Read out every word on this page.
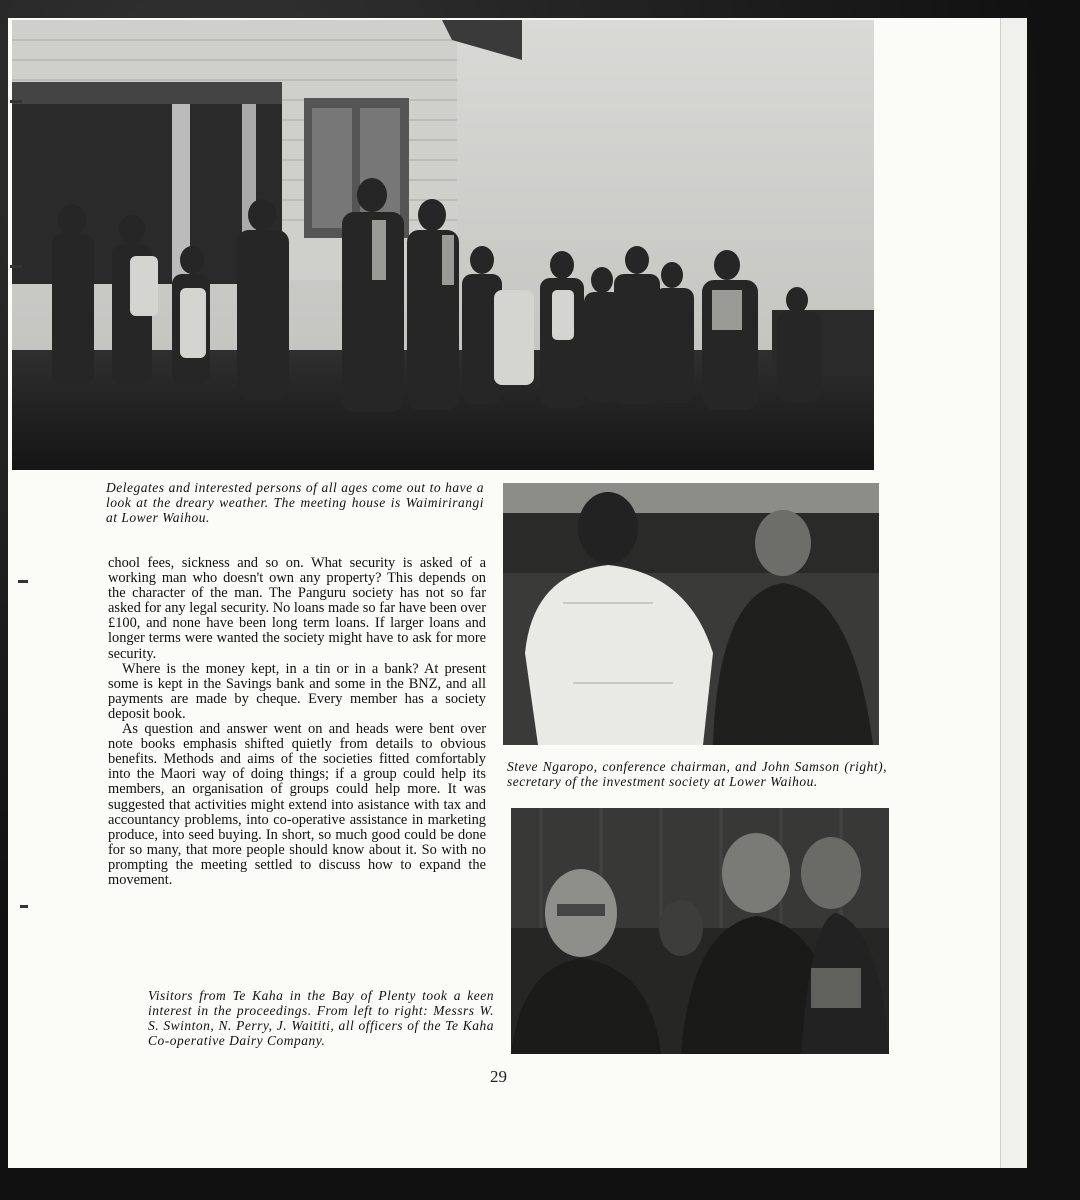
Delegates and interested persons of all ages come out to have a look at the dreary weather. The meeting house is Waimirirangi at Lower Waihou.
Steve Ngaropo, conference chairman, and John Samson (right), secretary of the investment society at Lower Waihou.

chool fees, sickness and so on. What security is asked of a working man who doesn't own any property? This depends on the character of the man. The Panguru society has not so far asked for any legal security. No loans made so far have been over £100, and none have been long term loans. If larger loans and longer terms were wanted the society might have to ask for more security.

Where is the money kept, in a tin or in a bank? At present some is kept in the Savings bank and some in the BNZ, and all payments are made by cheque. Every member has a society deposit book.

As question and answer went on and heads were bent over note books emphasis shifted quietly from details to obvious benefits. Methods and aims of the societies fitted comfortably into the Maori way of doing things; if a group could help its members, an organisation of groups could help more. It was suggested that activities might extend into asistance with tax and accountancy problems, into co-operative assistance in marketing produce, into seed buying. In short, so much good could be done for so many, that more people should know about it. So with no prompting the meeting settled to discuss how to expand the movement.

Visitors from Te Kaha in the Bay of Plenty took a keen interest in the proceedings. From left to right: Messrs W. S. Swinton, N. Perry, J. Waititi, all officers of the Te Kaha Co-operative Dairy Company.
29
